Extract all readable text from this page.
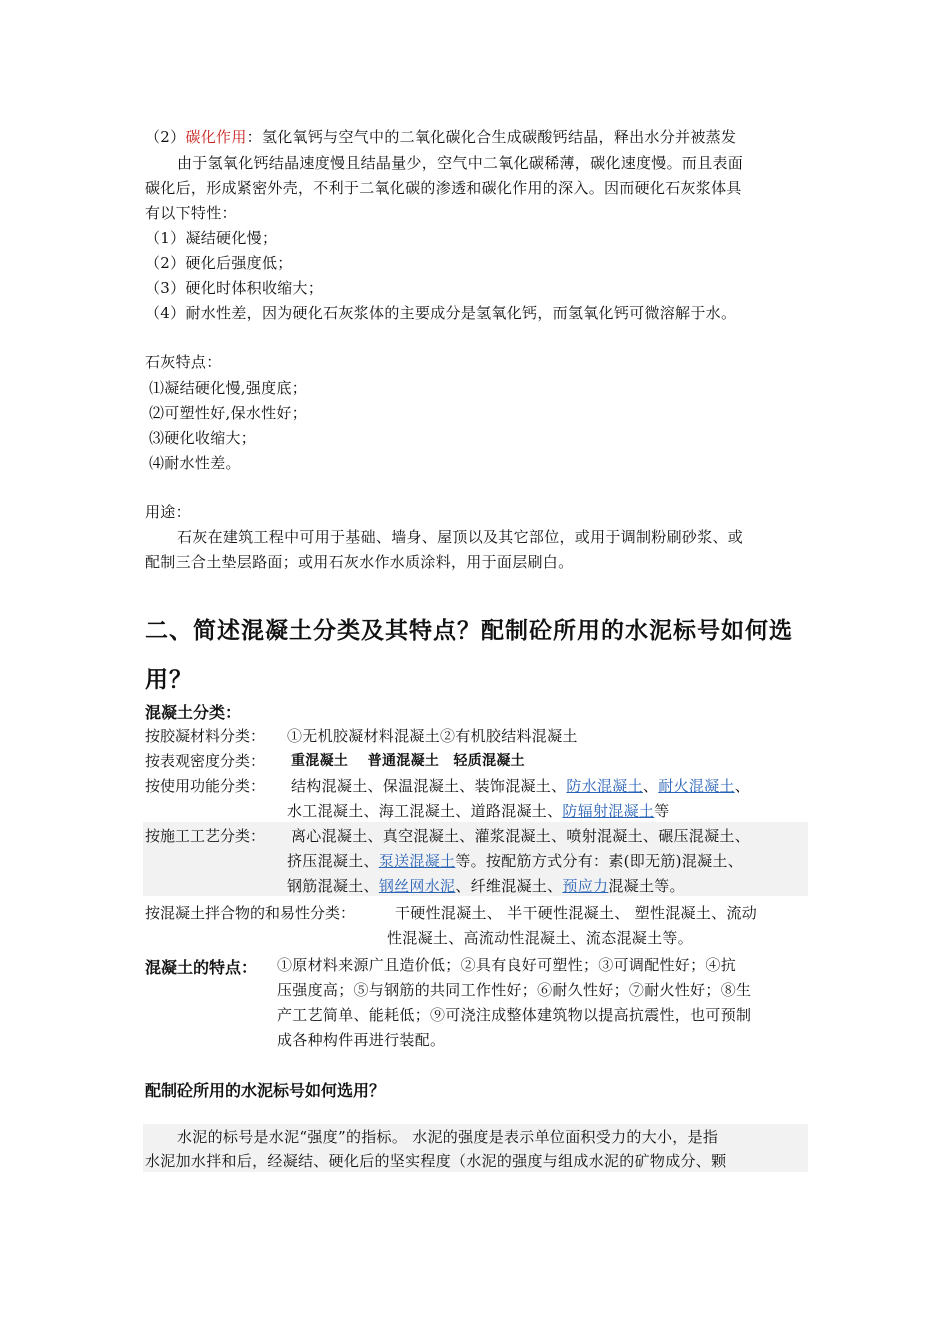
（2）碳化作用：氢化氧钙与空气中的二氧化碳化合生成碳酸钙结晶，释出水分并被蒸发
由于氢氧化钙结晶速度慢且结晶量少，空气中二氧化碳稀薄，碳化速度慢。而且表面
碳化后，形成紧密外壳，不利于二氧化碳的渗透和碳化作用的深入。因而硬化石灰浆体具
有以下特性：
（1）凝结硬化慢；
（2）硬化后强度低；
（3）硬化时体积收缩大；
（4）耐水性差，因为硬化石灰浆体的主要成分是氢氧化钙，而氢氧化钙可微溶解于水。
石灰特点：
⑴凝结硬化慢,强度底；
⑵可塑性好,保水性好；
⑶硬化收缩大；
⑷耐水性差。
用途：
石灰在建筑工程中可用于基础、墙身、屋顶以及其它部位，或用于调制粉刷砂浆、或
配制三合土垫层路面；或用石灰水作水质涂料，用于面层刷白。
二、简述混凝土分类及其特点？配制砼所用的水泥标号如何选
用？
混凝土分类：
按胶凝材料分类： ①无机胶凝材料混凝土②有机胶结料混凝土
按表观密度分类： 重混凝土　 普通混凝土　轻质混凝土
按使用功能分类： 结构混凝土、保温混凝土、装饰混凝土、防水混凝土、耐火混凝土、
水工混凝土、海工混凝土、道路混凝土、防辐射混凝土等
按施工工艺分类： 离心混凝土、真空混凝土、灌浆混凝土、喷射混凝土、碾压混凝土、
挤压混凝土、泵送混凝土等。按配筋方式分有：素(即无筋)混凝土、
钢筋混凝土、钢丝网水泥、纤维混凝土、预应力混凝土等。
按混凝土拌合物的和易性分类：	干硬性混凝土、 半干硬性混凝土、 塑性混凝土、流动
性混凝土、高流动性混凝土、流态混凝土等。
混凝土的特点： ①原材料来源广且造价低；②具有良好可塑性；③可调配性好；④抗
压强度高；⑤与钢筋的共同工作性好；⑥耐久性好；⑦耐火性好；⑧生
产工艺简单、能耗低；⑨可浇注成整体建筑物以提高抗震性，也可预制
成各种构件再进行装配。
配制砼所用的水泥标号如何选用？
水泥的标号是水泥“强度”的指标。 水泥的强度是表示单位面积受力的大小，是指
水泥加水拌和后，经凝结、硬化后的坚实程度（水泥的强度与组成水泥的矿物成分、颗
